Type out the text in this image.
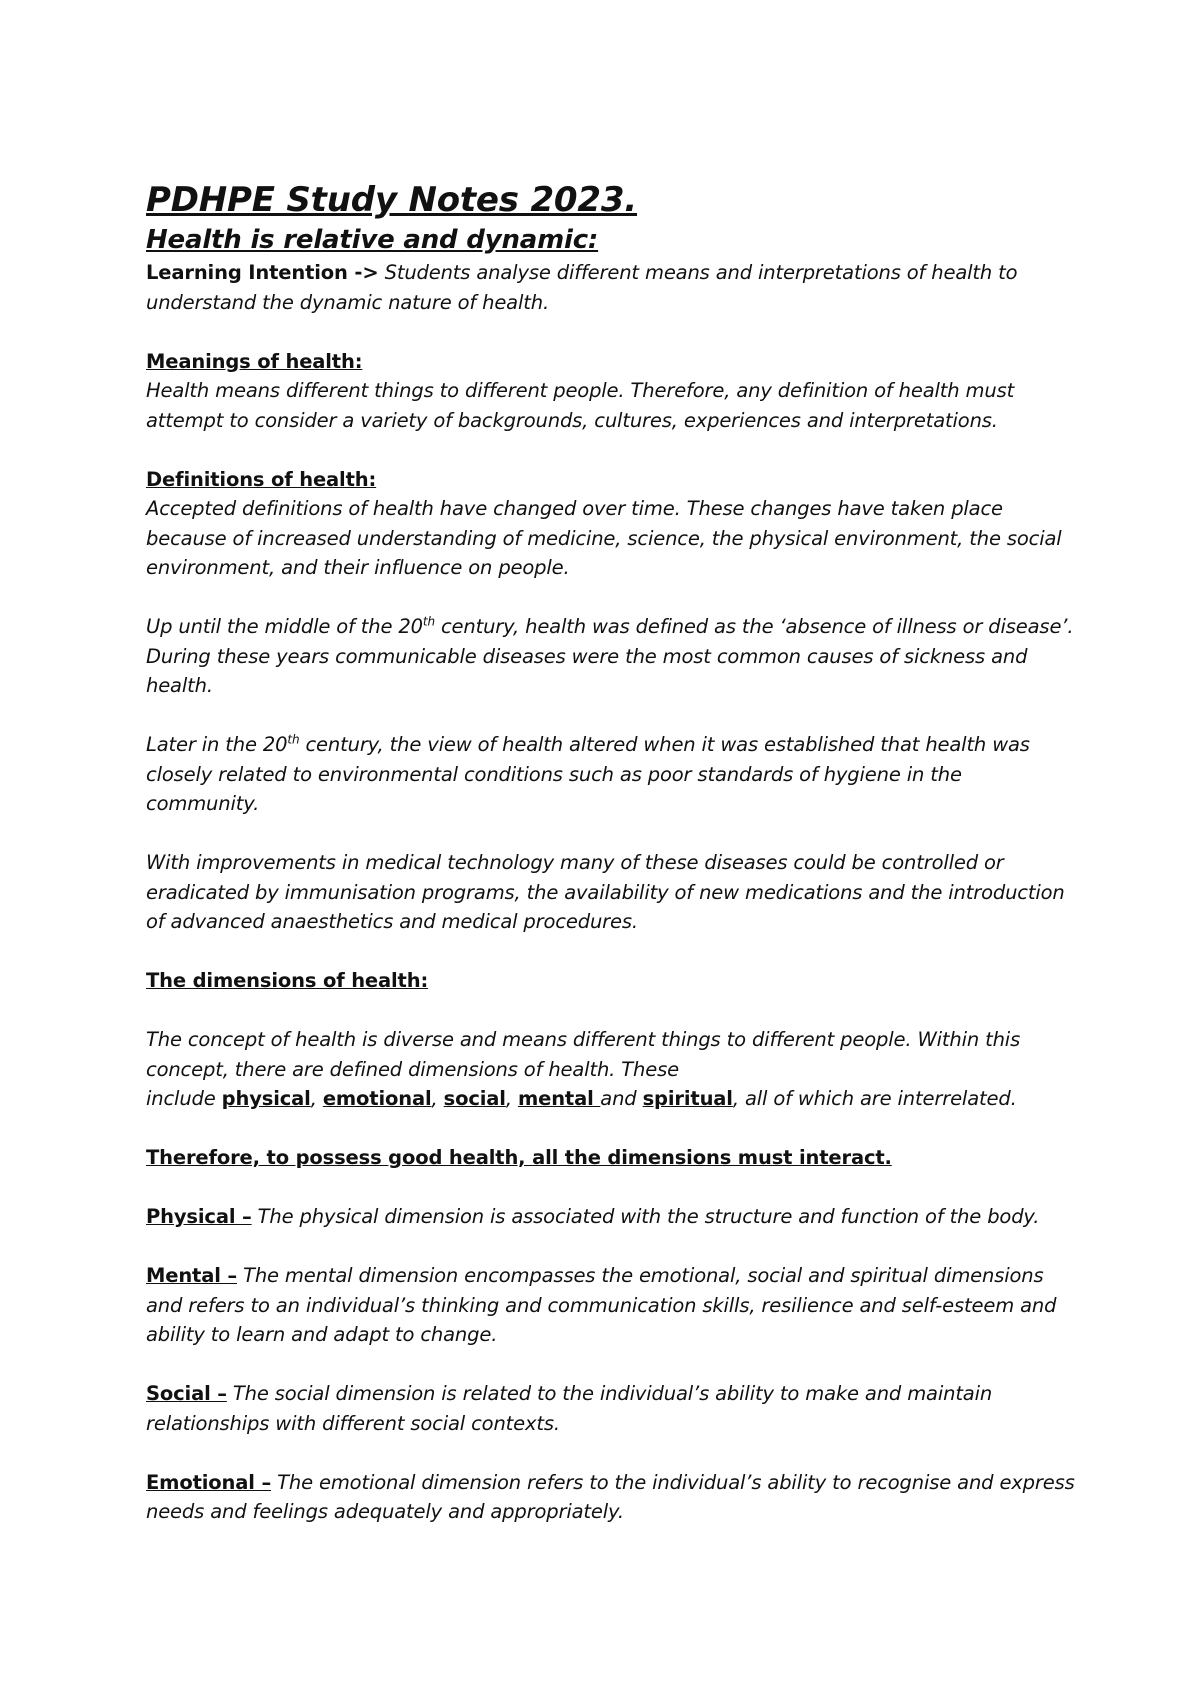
PDHPE Study Notes 2023.
Health is relative and dynamic:

Learning Intention -> Students analyse different means and interpretations of health to understand the dynamic nature of health.

Meanings of health:

Health means different things to different people. Therefore, any definition of health must attempt to consider a variety of backgrounds, cultures, experiences and interpretations.

Definitions of health:

Accepted definitions of health have changed over time. These changes have taken place because of increased understanding of medicine, science, the physical environment, the social environment, and their influence on people.

Up until the middle of the 20th century, health was defined as the ‘absence of illness or disease’. During these years communicable diseases were the most common causes of sickness and health.

Later in the 20th century, the view of health altered when it was established that health was closely related to environmental conditions such as poor standards of hygiene in the community.

With improvements in medical technology many of these diseases could be controlled or eradicated by immunisation programs, the availability of new medications and the introduction of advanced anaesthetics and medical procedures.

The dimensions of health:

The concept of health is diverse and means different things to different people. Within this concept, there are defined dimensions of health. These
include physical, emotional, social, mental and spiritual, all of which are interrelated.

Therefore, to possess good health, all the dimensions must interact.

Physical – The physical dimension is associated with the structure and function of the body.

Mental – The mental dimension encompasses the emotional, social and spiritual dimensions and refers to an individual’s thinking and communication skills, resilience and self-esteem and ability to learn and adapt to change.

Social – The social dimension is related to the individual’s ability to make and maintain relationships with different social contexts.

Emotional – The emotional dimension refers to the individual’s ability to recognise and express needs and feelings adequately and appropriately.
